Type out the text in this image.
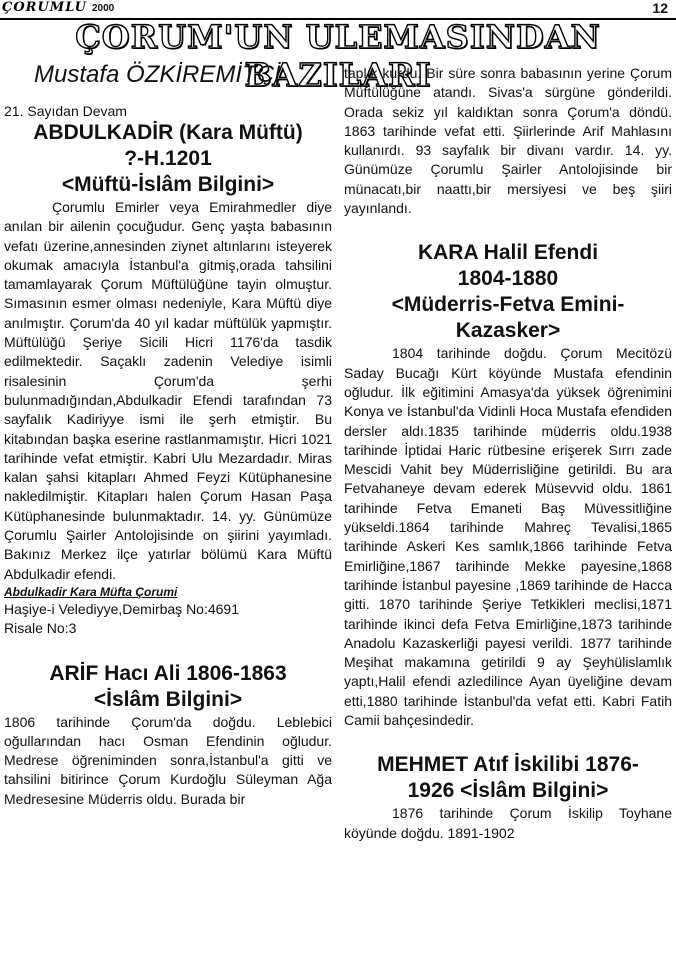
ÇORUMLU 2000	12
ÇORUM'UN ULEMASINDAN BAZILARI
Mustafa ÖZKİREMİTÇİ
21. Sayıdan Devam
ABDULKADİR (Kara Müftü)
?-H.1201
<Müftü-İslâm Bilgini>

Çorumlu Emirler veya Emirahmedler diye anılan bir ailenin çocuğudur. Genç yaşta babasının vefatı üzerine,annesinden ziynet altınlarını isteyerek okumak amacıyla İstanbul'a gitmiş,orada tahsilini tamamlayarak Çorum Müftülüğüne tayin olmuştur. Sımasının esmer olması nedeniyle, Kara Müftü diye anılmıştır. Çorum'da 40 yıl kadar müftülük yapmıştır. Müftülüğü Şeriye Sicili Hicri 1176'da tasdik edilmektedir. Saçaklı zadenin Velediye isimli risalesinin Çorum'da şerhi bulunmadığından,Abdulkadir Efendi tarafından 73 sayfalık Kadiriyye ismi ile şerh etmiştir. Bu kitabından başka eserine rastlanmamıştır. Hicri 1021 tarihinde vefat etmiştir. Kabri Ulu Mezardadır. Miras kalan şahsi kitapları Ahmed Feyzi Kütüphanesine nakledilmiştir. Kitapları halen Çorum Hasan Paşa Kütüphanesinde bulunmaktadır. 14. yy. Günümüze Çorumlu Şairler Antolojisinde on şiirini yayımladı. Bakınız Merkez ilçe yatırlar bölümü Kara Müftü Abdulkadir efendi.

Abdulkadir Kara Müfta Çorumi
Haşiye-i Velediyye,Demirbaş No:4691
Risale No:3
ARİF Hacı Ali 1806-1863
<İslâm Bilgini>

1806 tarihinde Çorum'da doğdu. Leblebici oğullarından hacı Osman Efendinin oğludur. Medrese öğreniminden sonra,İstanbul'a gitti ve tahsilini bitirince Çorum Kurdoğlu Süleyman Ağa Medresesine Müderris oldu. Burada bir

taplık kurdu. Bir süre sonra babasının yerine Çorum Müftülüğüne atandı. Sivas'a sürgüne gönderildi. Orada sekiz yıl kaldıktan sonra Çorum'a döndü. 1863 tarihinde vefat etti. Şiirlerinde Arif Mahlasını kullanırdı. 93 sayfalık bir divanı vardır. 14. yy. Günümüze Çorumlu Şairler Antolojisinde bir münacatı,bir naattı,bir mersiyesi ve beş şiiri yayınlandı.

KARA Halil Efendi
1804-1880
<Müderris-Fetva Emini-
Kazasker>

1804 tarihinde doğdu. Çorum Mecitözü Saday Bucağı Kürt köyünde Mustafa efendinin oğludur. İlk eğitimini Amasya'da yüksek öğrenimini Konya ve İstanbul'da Vidinli Hoca Mustafa efendiden dersler aldı.1835 tarihinde müderris oldu.1938 tarihinde İptidai Haric rütbesine erişerek Sırrı zade Mescidi Vahit bey Müderrisliğine getirildi. Bu ara Fetvahaneye devam ederek Müsevvid oldu. 1861 tarihinde Fetva Emaneti Baş Müvessitliğine yükseldi.1864 tarihinde Mahreç Tevalisi,1865 tarihinde Askeri Kes samlık,1866 tarihinde Fetva Emirliğine,1867 tarihinde Mekke payesine,1868 tarihinde İstanbul payesine ,1869 tarihinde de Hacca gitti. 1870 tarihinde Şeriye Tetkikleri meclisi,1871 tarihinde ikinci defa Fetva Emirliğine,1873 tarihinde Anadolu Kazaskerliği payesi verildi. 1877 tarihinde Meşihat makamına getirildi 9 ay Şeyhülislamlık yaptı,Halil efendi azledilince Ayan üyeliğine devam etti,1880 tarihinde İstanbul'da vefat etti. Kabri Fatih Camii bahçesindedir.

MEHMET Atıf İskilibi 1876-
1926 <İslâm Bilgini>

1876 tarihinde Çorum İskilip Toyhane köyünde doğdu. 1891-1902
